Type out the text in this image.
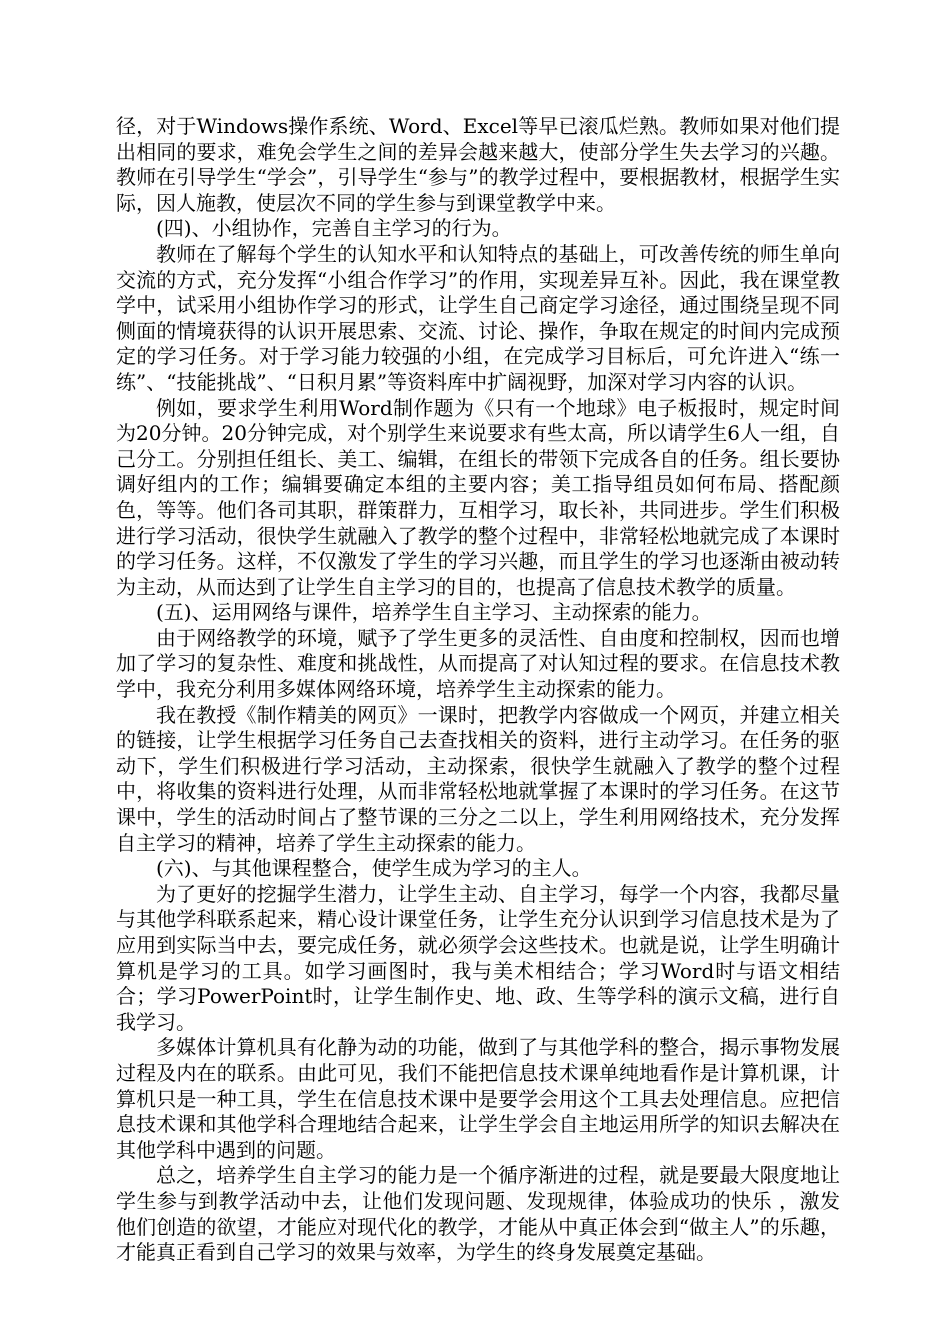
径，对于Windows操作系统、Word、Excel等早已滚瓜烂熟。教师如果对他们提出相同的要求，难免会学生之间的差异会越来越大，使部分学生失去学习的兴趣。教师在引导学生“学会”，引导学生“参与”的教学过程中，要根据教材，根据学生实际，因人施教，使层次不同的学生参与到课堂教学中来。

(四)、小组协作，完善自主学习的行为。

教师在了解每个学生的认知水平和认知特点的基础上，可改善传统的师生单向交流的方式，充分发挥“小组合作学习”的作用，实现差异互补。因此，我在课堂教学中，试采用小组协作学习的形式，让学生自己商定学习途径，通过围绕呈现不同侧面的情境获得的认识开展思索、交流、讨论、操作，争取在规定的时间内完成预定的学习任务。对于学习能力较强的小组，在完成学习目标后，可允许进入“练一练”、“技能挑战”、“日积月累”等资料库中扩阔视野，加深对学习内容的认识。

例如，要求学生利用Word制作题为《只有一个地球》电子板报时，规定时间为20分钟。20分钟完成，对个别学生来说要求有些太高，所以请学生6人一组，自己分工。分别担任组长、美工、编辑，在组长的带领下完成各自的任务。组长要协调好组内的工作；编辑要确定本组的主要内容；美工指导组员如何布局、搭配颜色，等等。他们各司其职，群策群力，互相学习，取长补，共同进步。学生们积极进行学习活动，很快学生就融入了教学的整个过程中，非常轻松地就完成了本课时的学习任务。这样，不仅激发了学生的学习兴趣，而且学生的学习也逐渐由被动转为主动，从而达到了让学生自主学习的目的，也提高了信息技术教学的质量。

(五)、运用网络与课件，培养学生自主学习、主动探索的能力。

由于网络教学的环境，赋予了学生更多的灵活性、自由度和控制权，因而也增加了学习的复杂性、难度和挑战性，从而提高了对认知过程的要求。在信息技术教学中，我充分利用多媒体网络环境，培养学生主动探索的能力。

我在教授《制作精美的网页》一课时，把教学内容做成一个网页，并建立相关的链接，让学生根据学习任务自己去查找相关的资料，进行主动学习。在任务的驱动下，学生们积极进行学习活动，主动探索，很快学生就融入了教学的整个过程中，将收集的资料进行处理，从而非常轻松地就掌握了本课时的学习任务。在这节课中，学生的活动时间占了整节课的三分之二以上，学生利用网络技术，充分发挥自主学习的精神，培养了学生主动探索的能力。

(六)、与其他课程整合，使学生成为学习的主人。

为了更好的挖掘学生潜力，让学生主动、自主学习，每学一个内容，我都尽量与其他学科联系起来，精心设计课堂任务，让学生充分认识到学习信息技术是为了应用到实际当中去，要完成任务，就必须学会这些技术。也就是说，让学生明确计算机是学习的工具。如学习画图时，我与美术相结合；学习Word时与语文相结合；学习PowerPoint时，让学生制作史、地、政、生等学科的演示文稿，进行自我学习。

多媒体计算机具有化静为动的功能，做到了与其他学科的整合，揭示事物发展过程及内在的联系。由此可见，我们不能把信息技术课单纯地看作是计算机课，计算机只是一种工具，学生在信息技术课中是要学会用这个工具去处理信息。应把信息技术课和其他学科合理地结合起来，让学生学会自主地运用所学的知识去解决在其他学科中遇到的问题。

总之，培养学生自主学习的能力是一个循序渐进的过程，就是要最大限度地让学生参与到教学活动中去，让他们发现问题、发现规律，体验成功的快乐 ，激发他们创造的欲望，才能应对现代化的教学，才能从中真正体会到“做主人”的乐趣，才能真正看到自己学习的效果与效率，为学生的终身发展奠定基础。
